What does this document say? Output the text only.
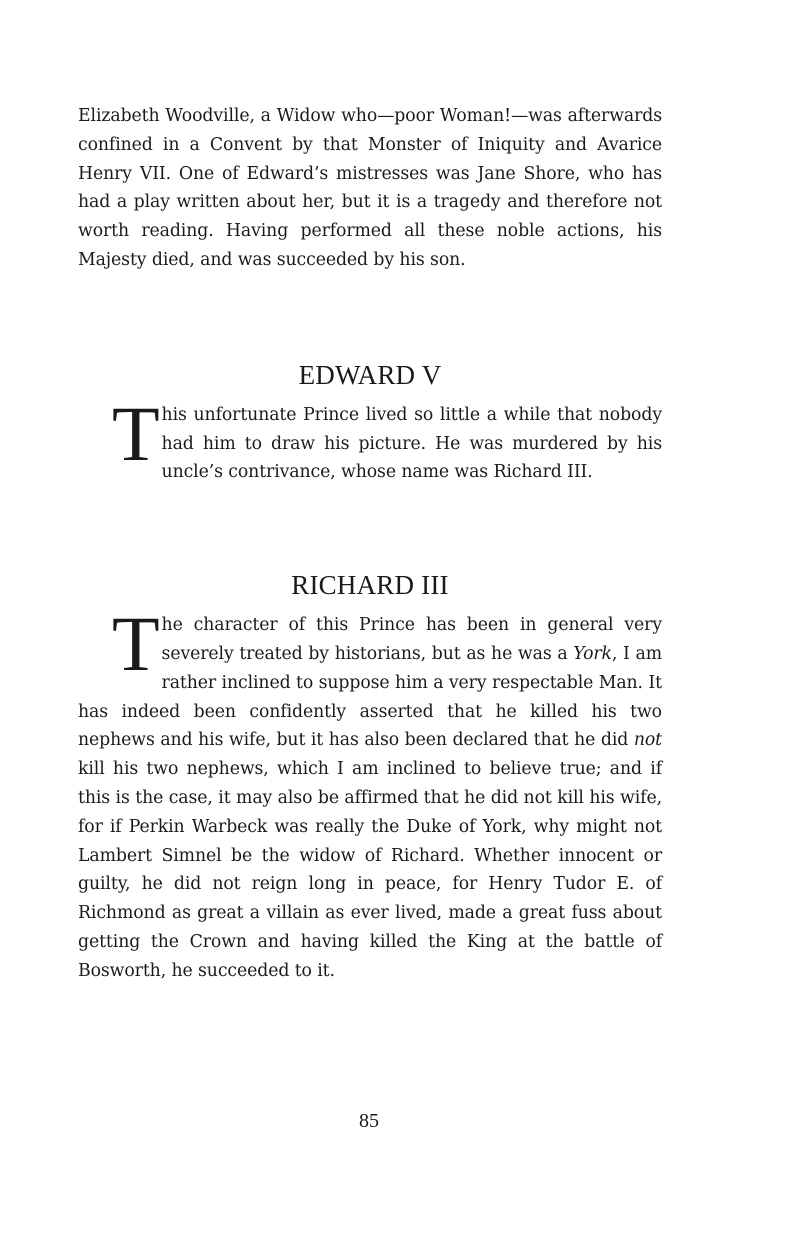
Elizabeth Woodville, a Widow who—poor Woman!—was afterwards confined in a Convent by that Monster of Iniquity and Avarice Henry VII. One of Edward’s mistresses was Jane Shore, who has had a play written about her, but it is a tragedy and therefore not worth reading. Having performed all these noble actions, his Majesty died, and was succeeded by his son.

EDWARD V

This unfortunate Prince lived so little a while that nobody had him to draw his picture. He was murdered by his uncle’s contrivance, whose name was Richard III.

RICHARD III

The character of this Prince has been in general very severely treated by historians, but as he was a York, I am rather inclined to suppose him a very respectable Man. It has indeed been confidently asserted that he killed his two nephews and his wife, but it has also been declared that he did not kill his two nephews, which I am inclined to believe true; and if this is the case, it may also be affirmed that he did not kill his wife, for if Perkin Warbeck was really the Duke of York, why might not Lambert Simnel be the widow of Richard. Whether innocent or guilty, he did not reign long in peace, for Henry Tudor E. of Richmond as great a villain as ever lived, made a great fuss about getting the Crown and having killed the King at the battle of Bosworth, he succeeded to it.

85
